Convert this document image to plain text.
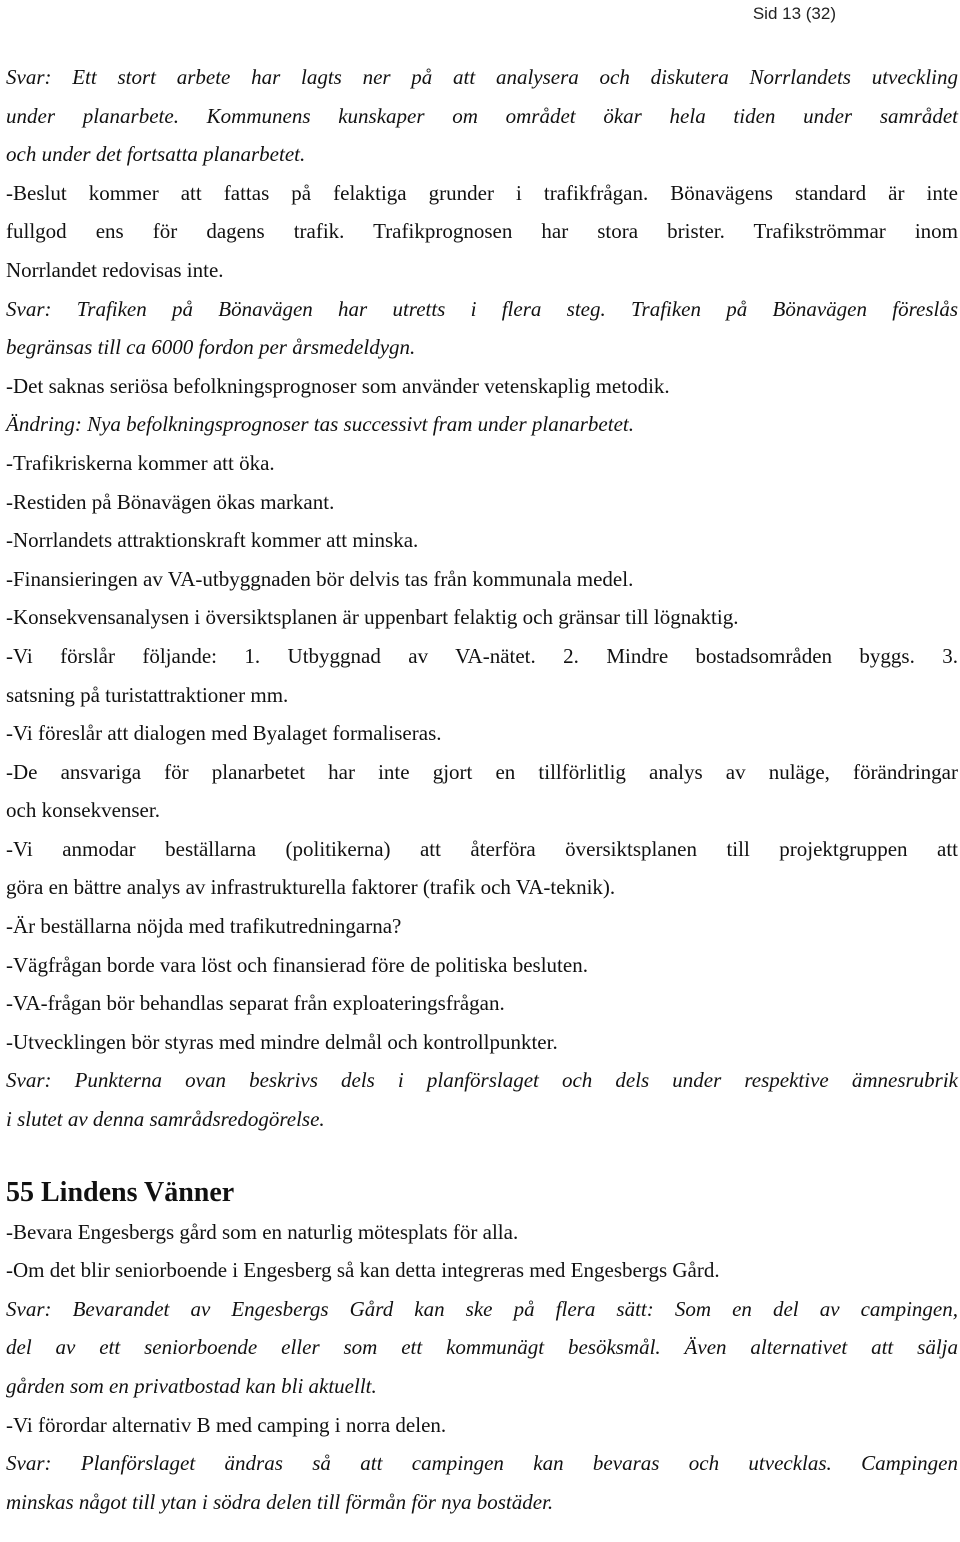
Sid 13 (32)
Svar: Ett stort arbete har lagts ner på att analysera och diskutera Norrlandets utveckling
under planarbete. Kommunens kunskaper om området ökar hela tiden under samrådet
och under det fortsatta planarbetet.
-Beslut kommer att fattas på felaktiga grunder i trafikfrågan. Bönavägens standard är inte
fullgod ens för dagens trafik. Trafikprognosen har stora brister. Trafikströmmar inom
Norrlandet redovisas inte.
Svar: Trafiken på Bönavägen har utretts i flera steg. Trafiken på Bönavägen föreslås
begränsas till ca 6000 fordon per årsmedeldygn.
-Det saknas seriösa befolkningsprognoser som använder vetenskaplig metodik.
Ändring: Nya befolkningsprognoser tas successivt fram under planarbetet.
-Trafikriskerna kommer att öka.
-Restiden på Bönavägen ökas markant.
-Norrlandets attraktionskraft kommer att minska.
-Finansieringen av VA-utbyggnaden bör delvis tas från kommunala medel.
-Konsekvensanalysen i översiktsplanen är uppenbart felaktig och gränsar till lögnaktig.
-Vi förslår följande: 1. Utbyggnad av VA-nätet. 2. Mindre bostadsområden byggs. 3.
satsning på turistattraktioner mm.
-Vi föreslår att dialogen med Byalaget formaliseras.
-De ansvariga för planarbetet har inte gjort en tillförlitlig analys av nuläge, förändringar
och konsekvenser.
-Vi anmodar beställarna (politikerna) att återföra översiktsplanen till projektgruppen att
göra en bättre analys av infrastrukturella faktorer (trafik och VA-teknik).
-Är beställarna nöjda med trafikutredningarna?
-Vägfrågan borde vara löst och finansierad före de politiska besluten.
-VA-frågan bör behandlas separat från exploateringsfrågan.
-Utvecklingen bör styras med mindre delmål och kontrollpunkter.
Svar: Punkterna ovan beskrivs dels i planförslaget och dels under respektive ämnesrubrik
i slutet av denna samrådsredogörelse.
55 Lindens Vänner
-Bevara Engesbergs gård som en naturlig mötesplats för alla.
-Om det blir seniorboende i Engesberg så kan detta integreras med Engesbergs Gård.
Svar: Bevarandet av Engesbergs Gård kan ske på flera sätt: Som en del av campingen,
del av ett seniorboende eller som ett kommunägt besöksmål. Även alternativet att sälja
gården som en privatbostad kan bli aktuellt.
-Vi förordar alternativ B med camping i norra delen.
Svar: Planförslaget ändras så att campingen kan bevaras och utvecklas. Campingen
minskas något till ytan i södra delen till förmån för nya bostäder.
